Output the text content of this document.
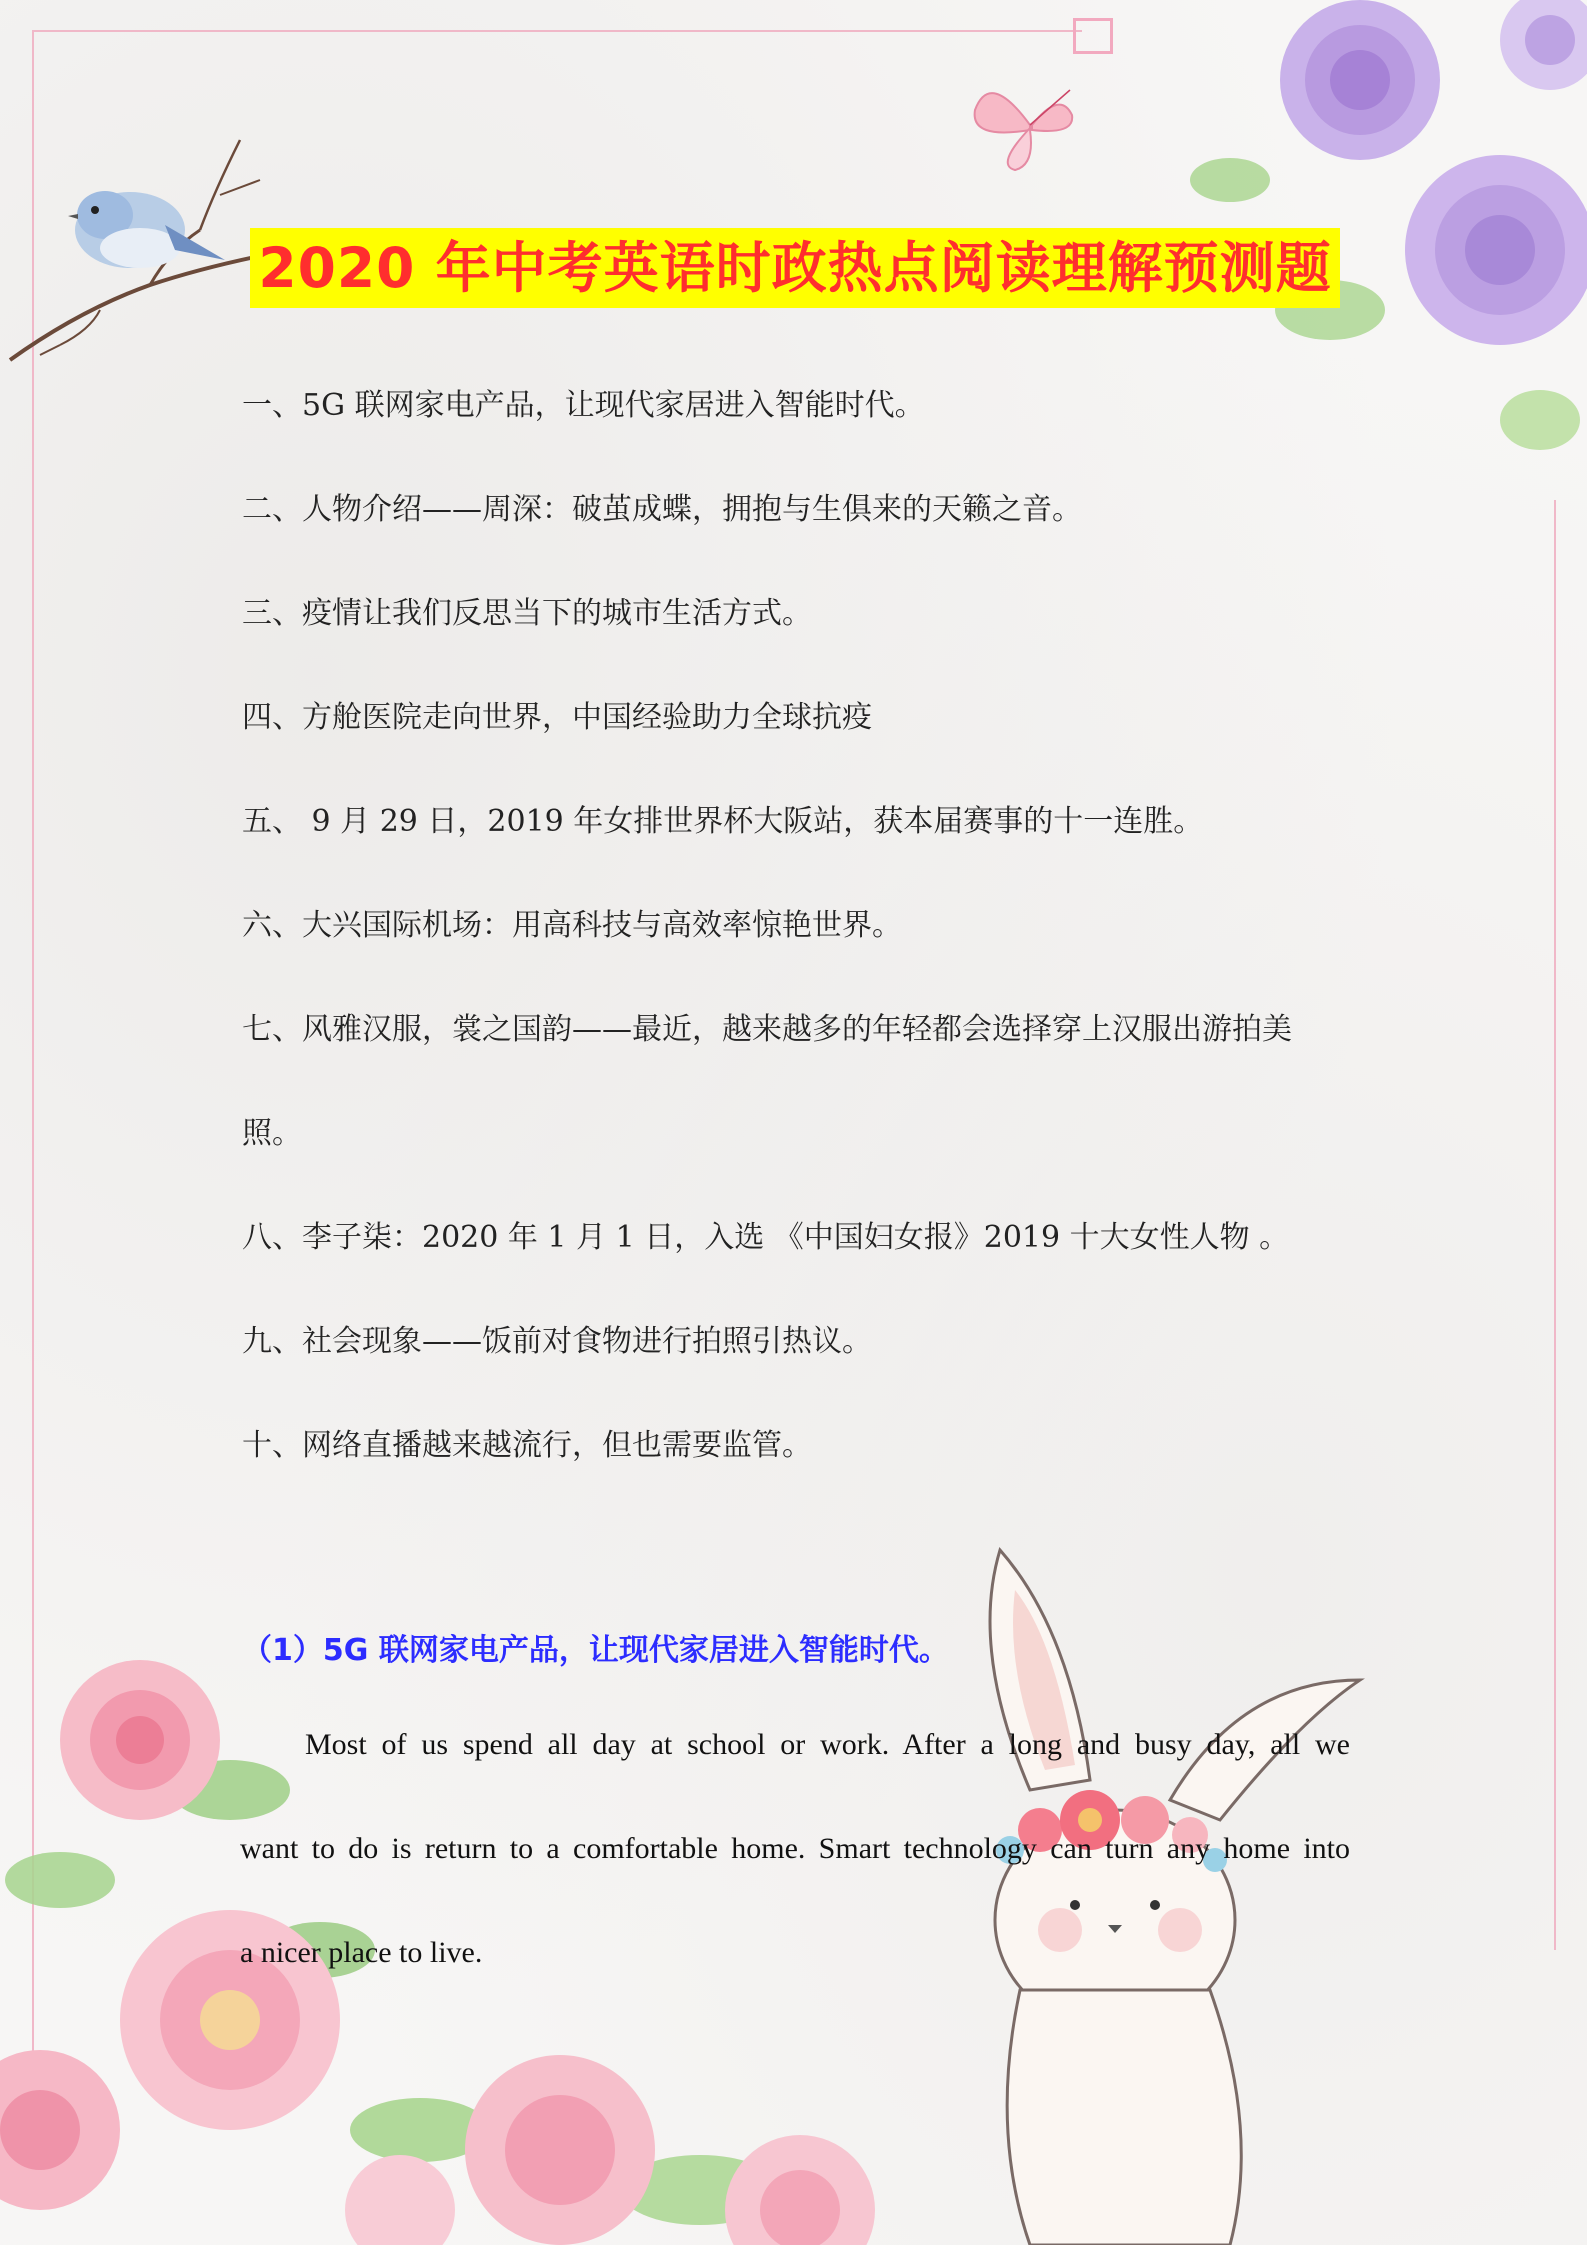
2020 年中考英语时政热点阅读理解预测题
一、5G 联网家电产品，让现代家居进入智能时代。
二、人物介绍——周深：破茧成蝶，拥抱与生俱来的天籁之音。
三、疫情让我们反思当下的城市生活方式。
四、方舱医院走向世界，中国经验助力全球抗疫
五、 9 月 29 日，2019 年女排世界杯大阪站，获本届赛事的十一连胜。
六、大兴国际机场：用高科技与高效率惊艳世界。
七、风雅汉服，裳之国韵——最近，越来越多的年轻都会选择穿上汉服出游拍美
照。
八、李子柒：2020 年 1 月 1 日，入选 《中国妇女报》2019 十大女性人物 。
九、社会现象——饭前对食物进行拍照引热议。
十、网络直播越来越流行，但也需要监管。
（1）5G 联网家电产品，让现代家居进入智能时代。
Most of us spend all day at school or work. After a long and busy day, all we
want to do is return to a comfortable home. Smart technology can turn any home into
a nicer place to live.
